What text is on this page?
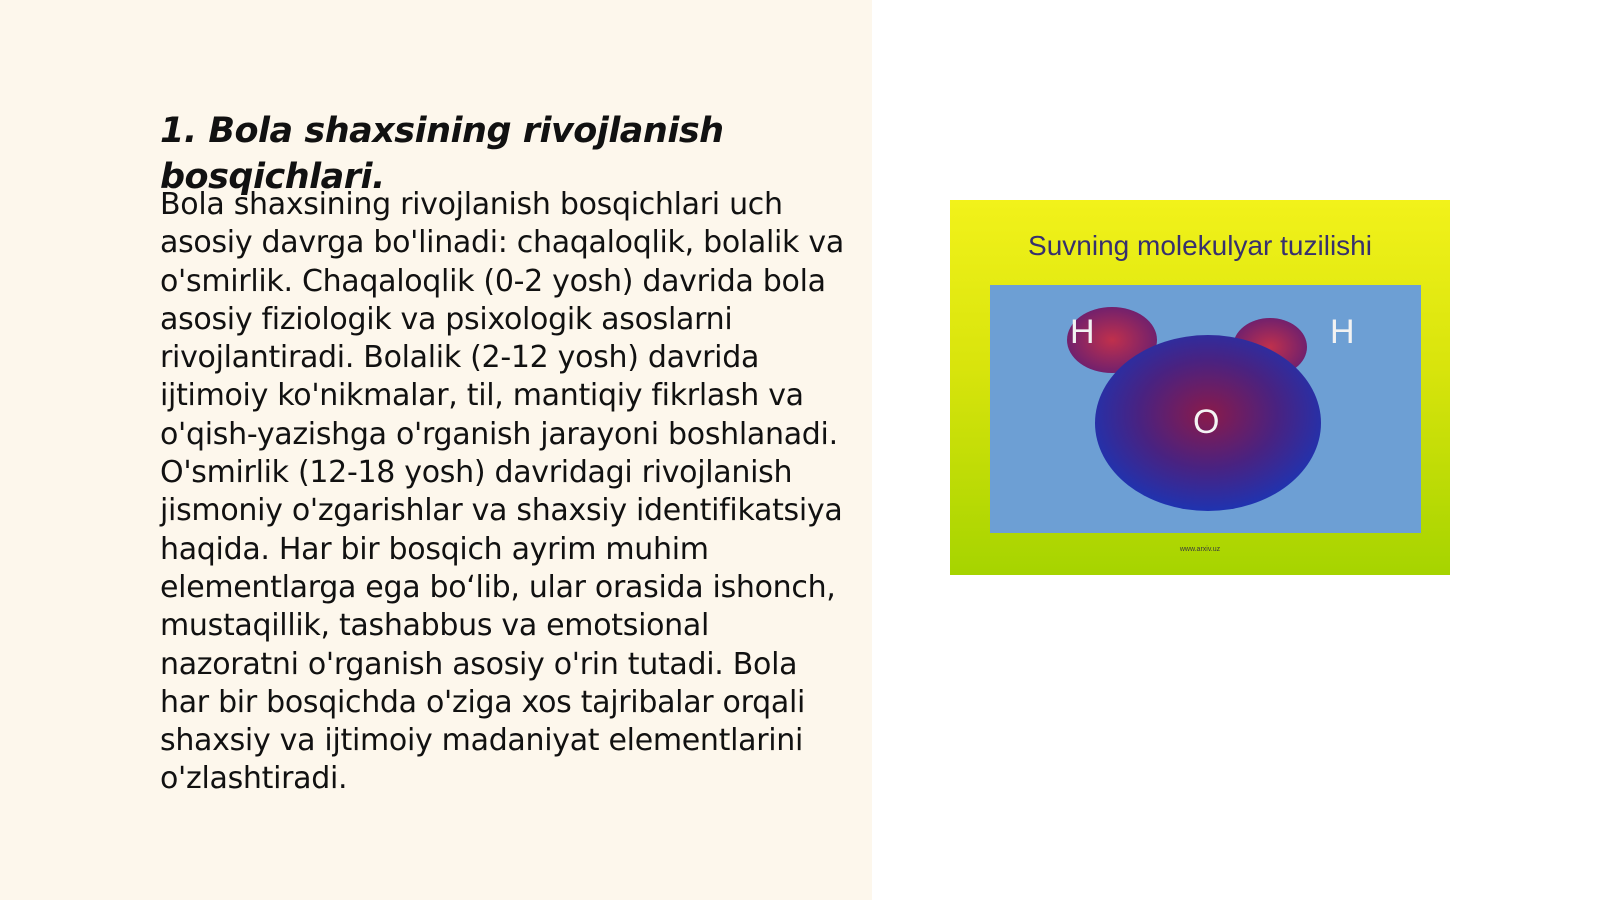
1. Bola shaxsining rivojlanish bosqichlari.

Bola shaxsining rivojlanish bosqichlari uch asosiy davrga bo'linadi: chaqaloqlik, bolalik va o'smirlik. Chaqaloqlik (0-2 yosh) davrida bola asosiy fiziologik va psixologik asoslarni rivojlantiradi. Bolalik (2-12 yosh) davrida ijtimoiy ko'nikmalar, til, mantiqiy fikrlash va o'qish-yazishga o'rganish jarayoni boshlanadi. O'smirlik (12-18 yosh) davridagi rivojlanish jismoniy o'zgarishlar va shaxsiy identifikatsiya haqida. Har bir bosqich ayrim muhim elementlarga ega bo‘lib, ular orasida ishonch, mustaqillik, tashabbus va emotsional nazoratni o'rganish asosiy o'rin tutadi. Bola har bir bosqichda o'ziga xos tajribalar orqali shaxsiy va ijtimoiy madaniyat elementlarini o'zlashtiradi.

Suvning molekulyar tuzilishi
H	H
O
www.arxiv.uz
